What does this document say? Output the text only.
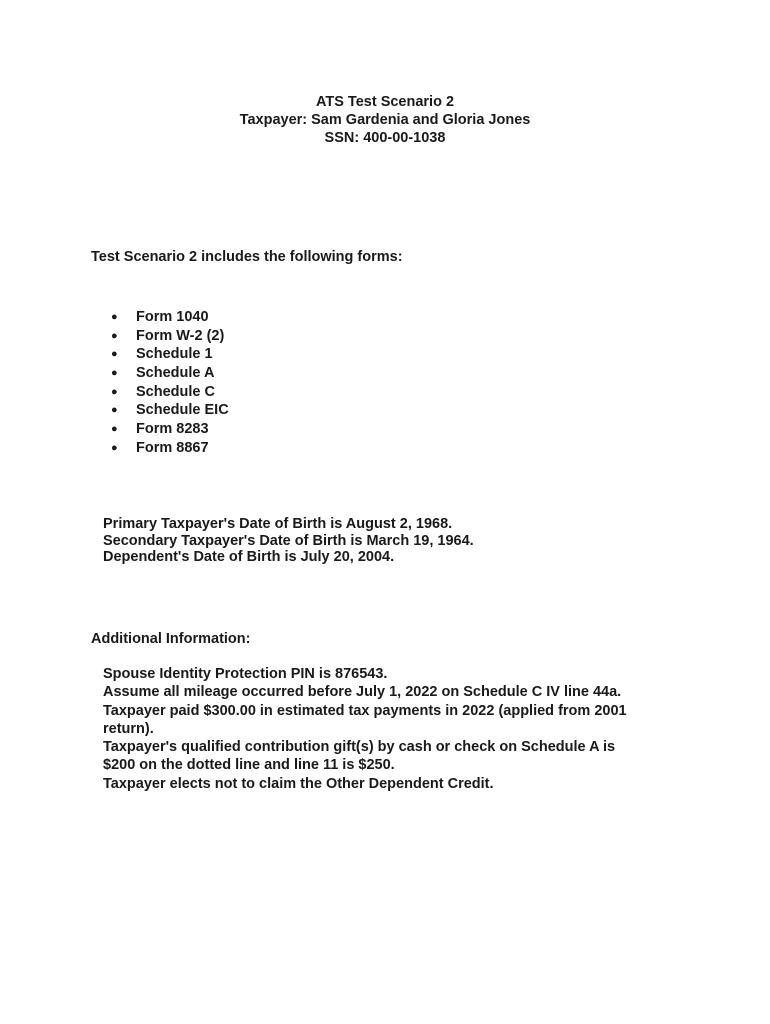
ATS Test Scenario 2
Taxpayer: Sam Gardenia and Gloria Jones
SSN: 400-00-1038
Test Scenario 2 includes the following forms:
● Form 1040
● Form W-2 (2)
● Schedule 1
● Schedule A
● Schedule C
● Schedule EIC
● Form 8283
● Form 8867
Primary Taxpayer's Date of Birth is August 2, 1968.
Secondary Taxpayer's Date of Birth is March 19, 1964.
Dependent's Date of Birth is July 20, 2004.
Additional Information:
Spouse Identity Protection PIN is 876543.
Assume all mileage occurred before July 1, 2022 on Schedule C IV line 44a.
Taxpayer paid $300.00 in estimated tax payments in 2022 (applied from 2001 return).
Taxpayer's qualified contribution gift(s) by cash or check on Schedule A is $200 on the dotted line and line 11 is $250.
Taxpayer elects not to claim the Other Dependent Credit.
